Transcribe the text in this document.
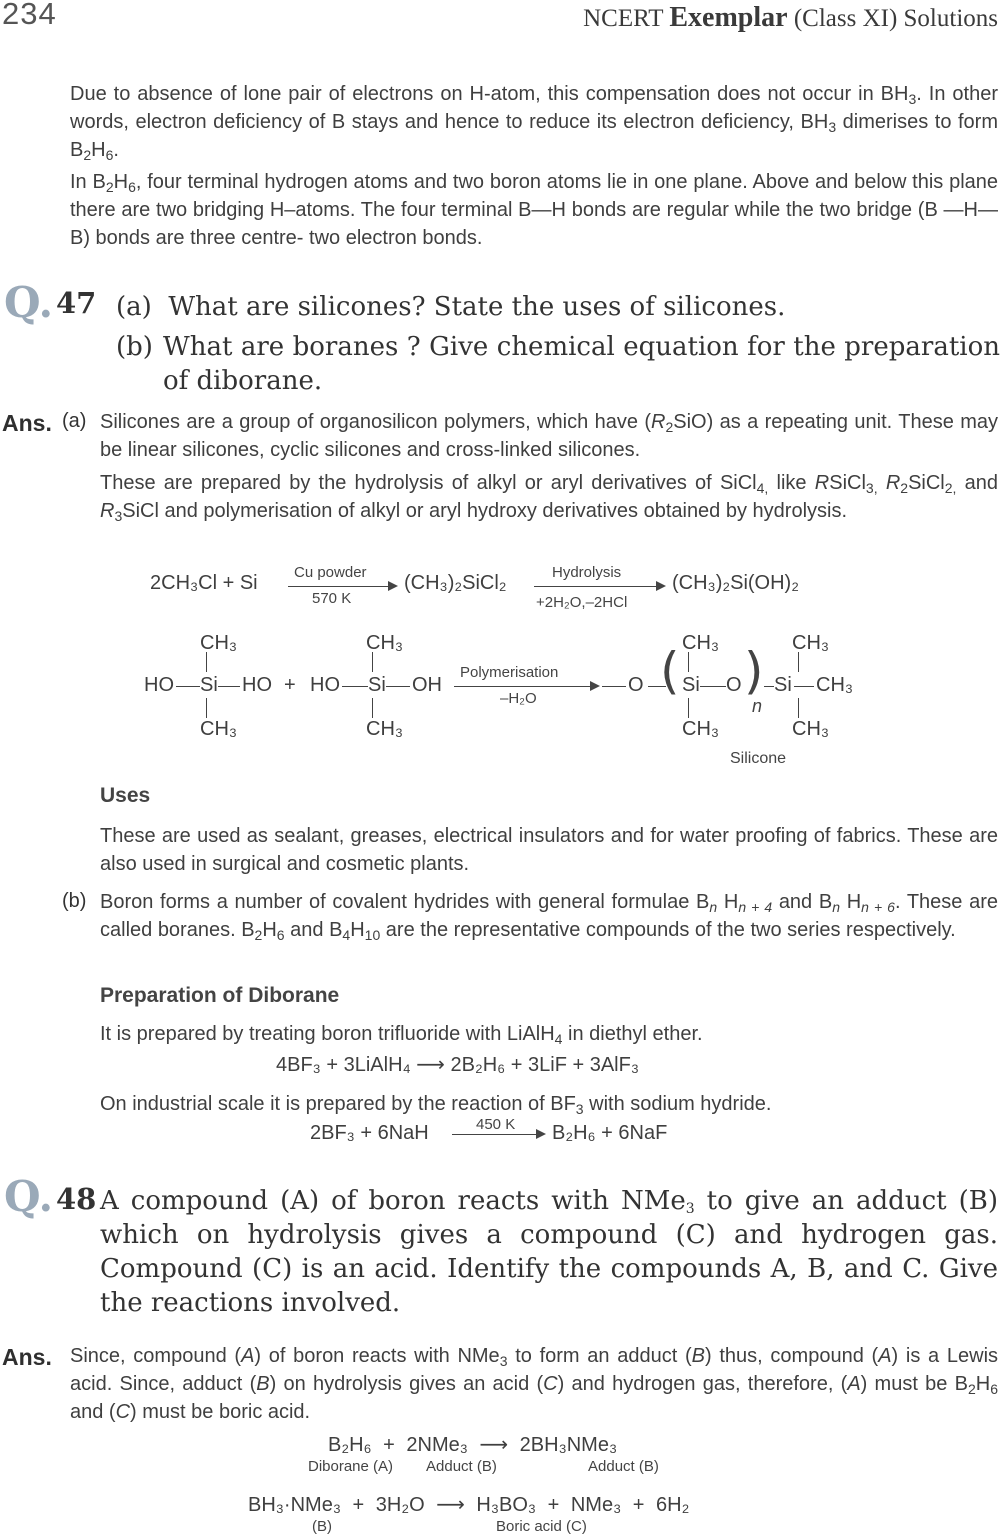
234	NCERT Exemplar (Class XI) Solutions

Due to absence of lone pair of electrons on H-atom, this compensation does not occur in $BH_3$. In other words, electron deficiency of B stays and hence to reduce its electron deficiency, $BH_3$ dimerises to form $B_2H_6$.

In $B_2H_6$, four terminal hydrogen atoms and two boron atoms lie in one plane. Above and below this plane there are two bridging H–atoms. The four terminal B—H bonds are regular while the two bridge (B —H—B) bonds are three centre- two electron bonds.

Q. 47 (a) What are silicones? State the uses of silicones.
(b) What are boranes ? Give chemical equation for the preparation of diborane.
Ans. (a) Silicones are a group of organosilicon polymers, which have $(R_2SiO)$ as a repeating unit. These may be linear silicones, cyclic silicones and cross-linked silicones.

These are prepared by the hydrolysis of alkyl or aryl derivatives of SiCl$_{4,}$ like RSiCl$_{3,}$ $R_2SiCl_{2,}$ and $R_3SiCl$ and polymerisation of alkyl or aryl hydroxy derivatives obtained by hydrolysis.

2CH₃Cl + Si Cu powder
570 K
(CH₃)₂SiCl₂	Hydrolysis
+2H₂O,–2HCl
(CH₃)₂Si(OH)₂
CH₃
HO Si HO
CH₃
+ HO
CH₃
Si OH
CH₃
Polymerisation
–H₂O
O ( CH₃
Si O
CH₃
)
n
Si
CH₃
CH₃
CH₃
Silicone
Uses
These are used as sealant, greases, electrical insulators and for water proofing of fabrics. These are also used in surgical and cosmetic plants.
(b) Boron forms a number of covalent hydrides with general formulae $B_n$ $H_{n + 4}$ and $B_n$ $H_{n + 6}$. These are called boranes. $B_2H_6$ and $B_4H_{10}$ are the representative compounds of the two series respectively.

Preparation of Diborane
It is prepared by treating boron trifluoride with LiAlH$_4$ in diethyl ether.
4BF₃ + 3LiAlH₄ ⟶ 2B₂H₆ + 3LiF + 3AlF₃
On industrial scale it is prepared by the reaction of $BF_3$ with sodium hydride.
2BF₃ + 6NaH	450 K B₂H₆ + 6NaF
Q. 48 A compound (A) of boron reacts with NMe$_3$ to give an adduct (B) which on hydrolysis gives a compound (C) and hydrogen gas. Compound (C) is an acid. Identify the compounds A, B, and C. Give the reactions involved.
Ans. Since, compound (A) of boron reacts with NMe$_3$ to form an adduct (B) thus, compound (A) is a Lewis acid. Since, adduct (B) on hydrolysis gives an acid (C) and hydrogen gas, therefore, (A) must be $B_2H_6$ and (C) must be boric acid.

B₂H₆ + 2NMe₃ ⟶ 2BH₃NMe₃
Diborane (A) Adduct (B)	Adduct (B)
BH₃·NMe₃ + 3H₂O ⟶ H₃BO₃ + NMe₃ + 6H₂
(B)	Boric acid (C)
